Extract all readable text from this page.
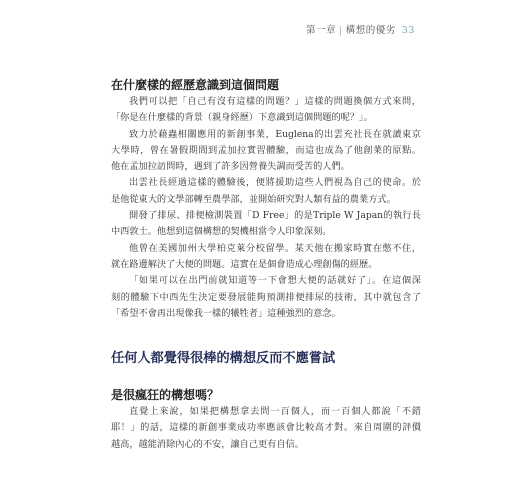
第一章 | 構想的優劣 33
在什麼樣的經歷意識到這個問題
我們可以把「自己有沒有這樣的問題？」這樣的問題換個方式來問，
「你是在什麼樣的背景（親身經歷）下意識到這個問題的呢？」。
致力於藉蟲相關應用的新創事業，Euglena的出雲充社長在就讀東京
大學時，曾在暑假期間到孟加拉實習體驗，而這也成為了他創業的原點。
他在孟加拉訪問時，遇到了許多因營養失調而受苦的人們。
出雲社長經過這樣的體驗後，便將援助這些人們視為自己的使命。於
是他從東大的文學部轉至農學部，並開始研究對人類有益的農業方式。
開發了排尿、排便檢測裝置「D Free」的是Triple W Japan的執行長
中西敦士。他想到這個構想的契機相當令人印象深刻。
他曾在美國加州大學柏克萊分校留學。某天他在搬家時實在憋不住，
就在路邊解決了大便的問題。這實在是個會造成心理創傷的經歷。
「如果可以在出門前就知道等一下會想大便的話就好了」。在這個深
刻的體驗下中西先生決定要發展能夠預測排便排尿的技術，其中就包含了
「希望不會再出現像我一樣的犧牲者」這種強烈的意念。
任何人都覺得很棒的構想反而不應嘗試
是很瘋狂的構想嗎？
直覺上來說，如果把構想拿去問一百個人，而一百個人都說「不錯
耶！」的話，這樣的新創事業成功率應該會比較高才對。來自周圍的評價
越高，越能消除內心的不安，讓自己更有自信。
